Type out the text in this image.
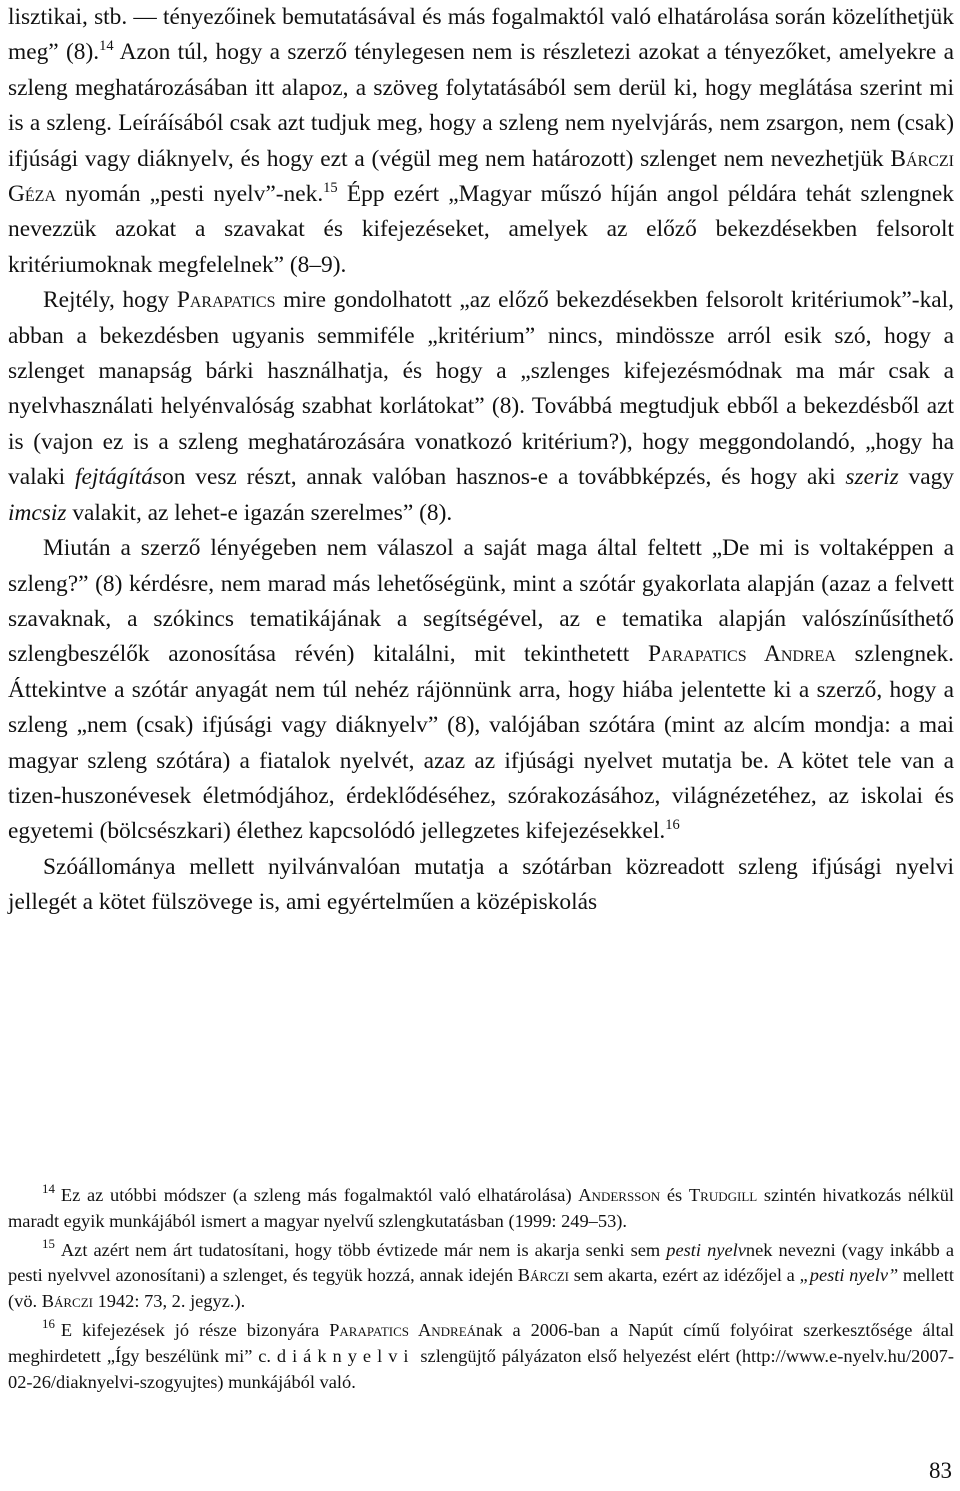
lisztikai, stb. — tényezőinek bemutatásával és más fogalmaktól való elhatárolása során közelíthetjük meg” (8).$^{14}$ Azon túl, hogy a szerző ténylegesen nem is részletezi azokat a tényezőket, amelyekre a szleng meghatározásában itt alapoz, a szöveg folytatásából sem derül ki, hogy meglátása szerint mi is a szleng. Leíráísából csak azt tudjuk meg, hogy a szleng nem nyelvjárás, nem zsargon, nem (csak) ifjúsági vagy diáknyelv, és hogy ezt a (végül meg nem határozott) szlenget nem nevezhetjük Bárczi Géza nyomán „pesti nyelv”-nek.$^{15}$ Épp ezért „Magyar műszó híján angol példára tehát szlengnek nevezzük azokat a szavakat és kifejezéseket, amelyek az előző bekezdésekben felsorolt kritériumoknak megfelelnek” (8–9).

Rejtély, hogy Parapatics mire gondolhatott „az előző bekezdésekben felsorolt kritériumok”-kal, abban a bekezdésben ugyanis semmiféle „kritérium” nincs, mindössze arról esik szó, hogy a szlenget manapság bárki használhatja, és hogy a „szlenges kifejezésmódnak ma már csak a nyelvhasználati helyénvalóság szabhat korlátokat” (8). Továbbá megtudjuk ebből a bekezdésből azt is (vajon ez is a szleng meghatározására vonatkozó kritérium?), hogy meggondolandó, „hogy ha valaki fejtágításon vesz részt, annak valóban hasznos-e a továbbképzés, és hogy aki szeriz vagy imcsiz valakit, az lehet-e igazán szerelmes” (8).

Miután a szerző lényégeben nem válaszol a saját maga által feltett „De mi is voltaképpen a szleng?” (8) kérdésre, nem marad más lehetőségünk, mint a szótár gyakorlata alapján (azaz a felvett szavaknak, a szókincs tematikájának a segítségével, az e tematika alapján valószínűsíthető szlengbeszélők azonosítása révén) kitalálni, mit tekinthetett Parapatics Andrea szlengnek. Áttekintve a szótár anyagát nem túl nehéz rájönnünk arra, hogy hiába jelentette ki a szerző, hogy a szleng „nem (csak) ifjúsági vagy diáknyelv” (8), valójában szótára (mint az alcím mondja: a mai magyar szleng szótára) a fiatalok nyelvét, azaz az ifjúsági nyelvet mutatja be. A kötet tele van a tizen-huszonévesek életmódjához, érdeklődéséhez, szórakozásához, világnézetéhez, az iskolai és egyetemi (bölcsészkari) élethez kapcsolódó jellegzetes kifejezésekkel.$^{16}$

Szóállománya mellett nyilvánvalóan mutatja a szótárban közreadott szleng ifjúsági nyelvi jellegét a kötet fülszövege is, ami egyértelműen a középiskolás

$^{14}$ Ez az utóbbi módszer (a szleng más fogalmaktól való elhatárolása) Andersson és Trudgill szintén hivatkozás nélkül maradt egyik munkájából ismert a magyar nyelvű szlengkutatásban (1999: 249–53).

$^{15}$ Azt azért nem árt tudatosítani, hogy több évtizede már nem is akarja senki sem pesti nyelvnek nevezni (vagy inkább a pesti nyelvvel azonosítani) a szlenget, és tegyük hozzá, annak idején Bárczi sem akarta, ezért az idézőjel a „pesti nyelv” mellett (vö. Bárczi 1942: 73, 2. jegyz.).

$^{16}$ E kifejezések jó része bizonyára Parapatics Andreának a 2006-ban a Napút című folyóirat szerkesztősége által meghirdetett „Így beszélünk mi” c. diáknyelvi szlengüjtő pályázaton első helyezést elért (http://www.e-nyelv.hu/2007-02-26/diaknyelvi-szogyujtes) munkájából való.

83
